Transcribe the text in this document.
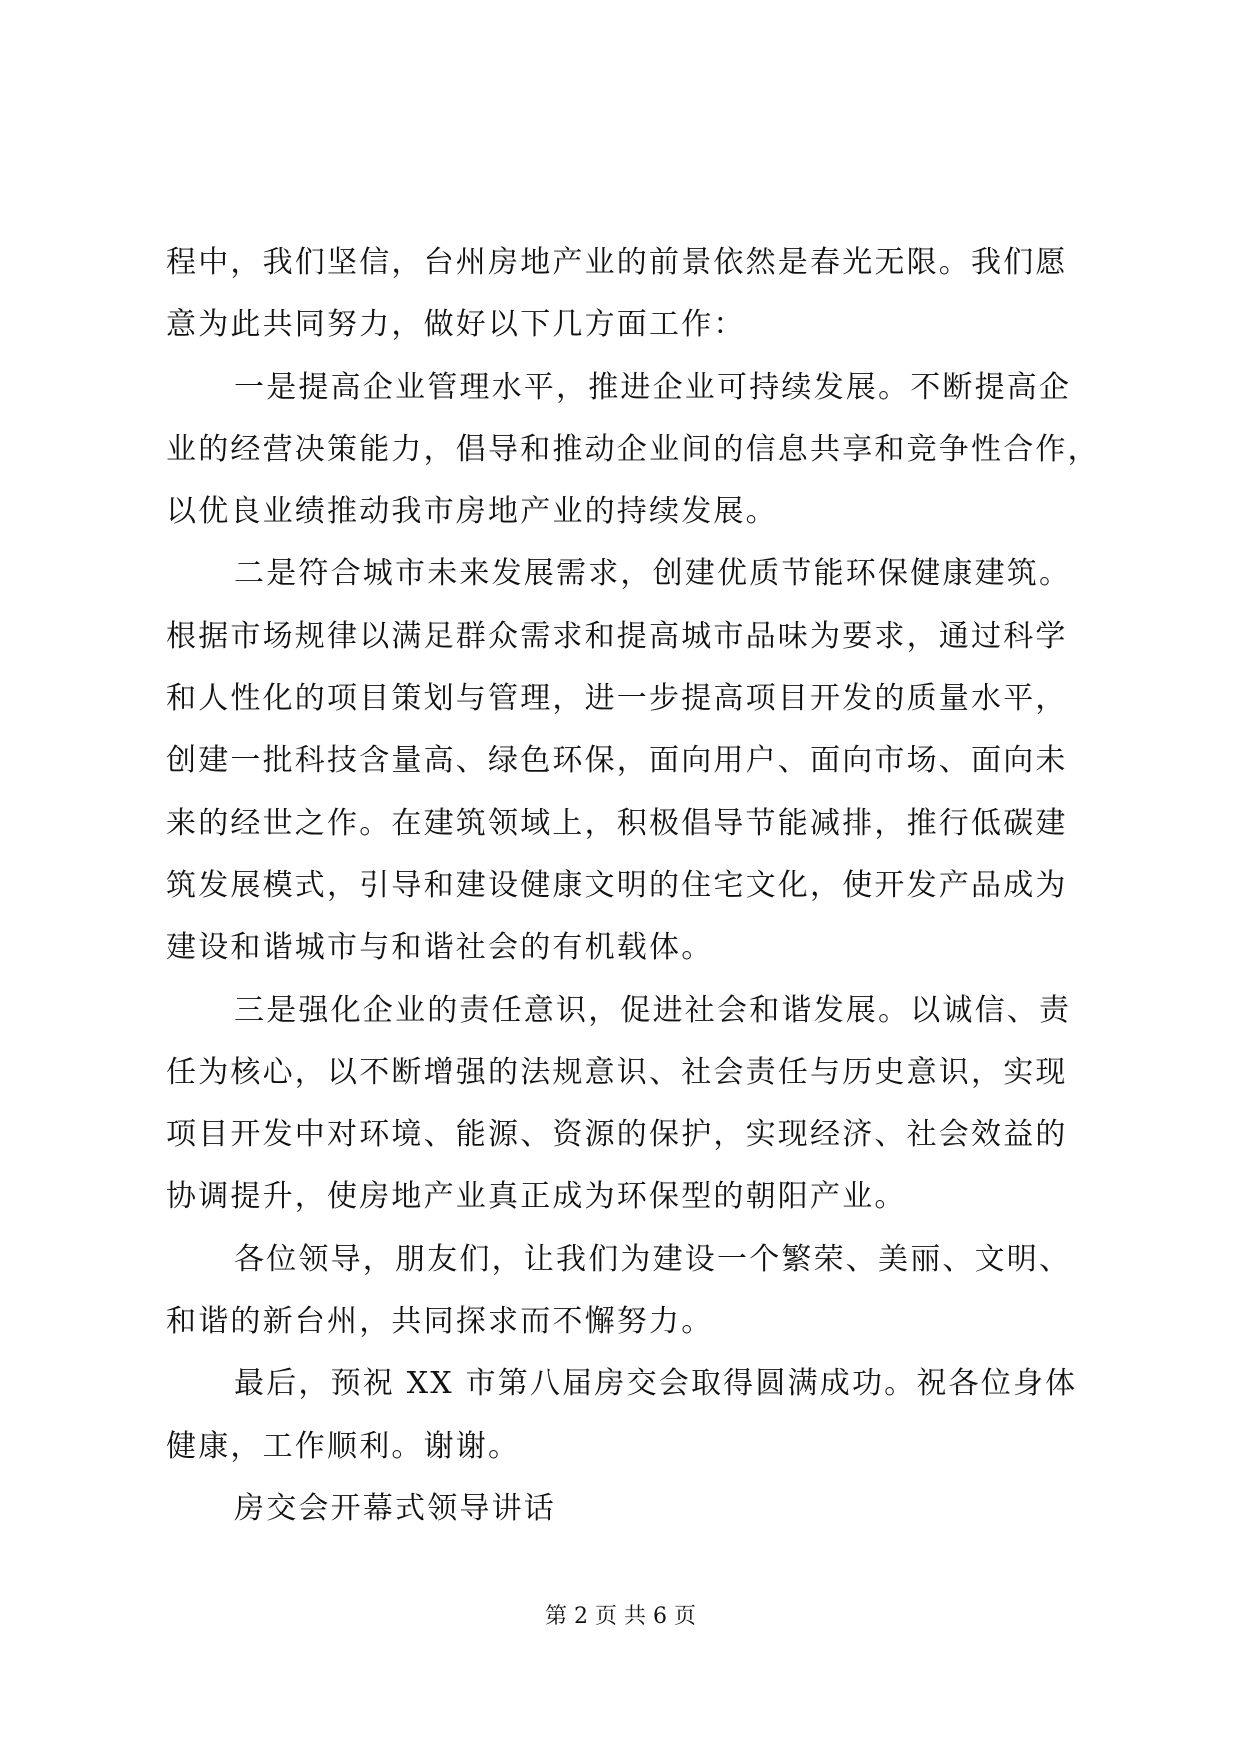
程中，我们坚信，台州房地产业的前景依然是春光无限。我们愿
意为此共同努力，做好以下几方面工作：
一是提高企业管理水平，推进企业可持续发展。不断提高企
业的经营决策能力，倡导和推动企业间的信息共享和竞争性合作，
以优良业绩推动我市房地产业的持续发展。
二是符合城市未来发展需求，创建优质节能环保健康建筑。
根据市场规律以满足群众需求和提高城市品味为要求，通过科学
和人性化的项目策划与管理，进一步提高项目开发的质量水平，
创建一批科技含量高、绿色环保，面向用户、面向市场、面向未
来的经世之作。在建筑领域上，积极倡导节能减排，推行低碳建
筑发展模式，引导和建设健康文明的住宅文化，使开发产品成为
建设和谐城市与和谐社会的有机载体。
三是强化企业的责任意识，促进社会和谐发展。以诚信、责
任为核心，以不断增强的法规意识、社会责任与历史意识，实现
项目开发中对环境、能源、资源的保护，实现经济、社会效益的
协调提升，使房地产业真正成为环保型的朝阳产业。
各位领导，朋友们，让我们为建设一个繁荣、美丽、文明、
和谐的新台州，共同探求而不懈努力。
最后，预祝 XX 市第八届房交会取得圆满成功。祝各位身体
健康，工作顺利。谢谢。
房交会开幕式领导讲话
第 2 页 共 6 页
